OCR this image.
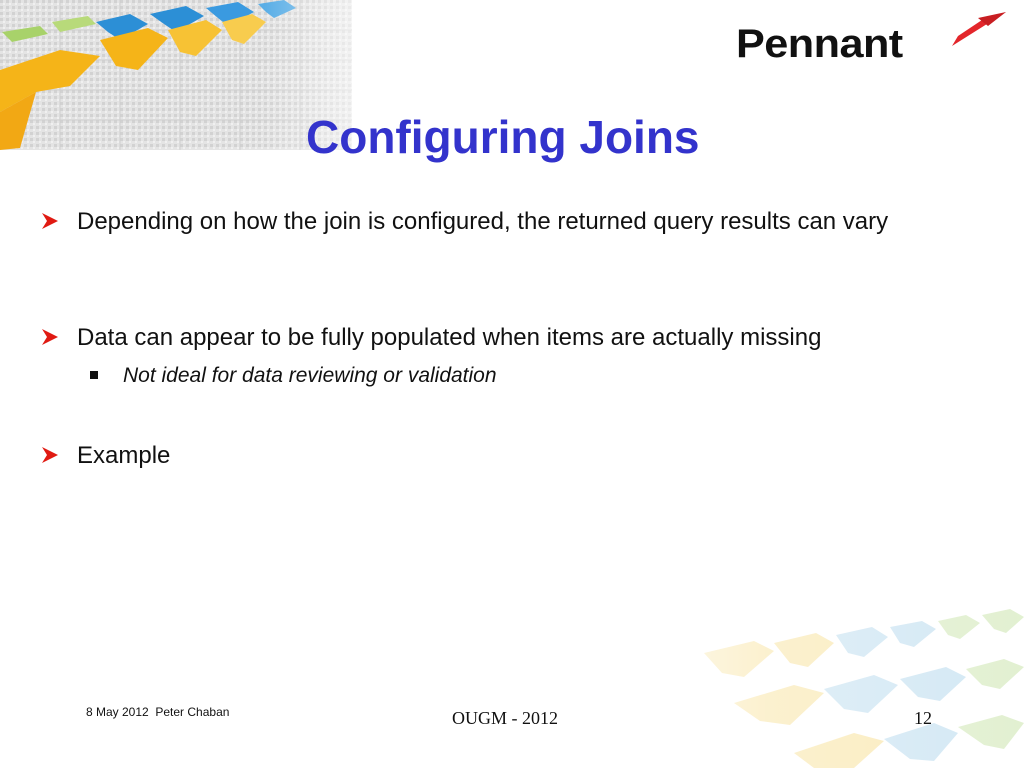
Pennant
Configuring Joins
Depending on how the join is configured, the returned query results can vary
Data can appear to be fully populated when items are actually missing
Not ideal for data reviewing or validation
Example
8 May 2012  Peter Chaban	OUGM - 2012	12
